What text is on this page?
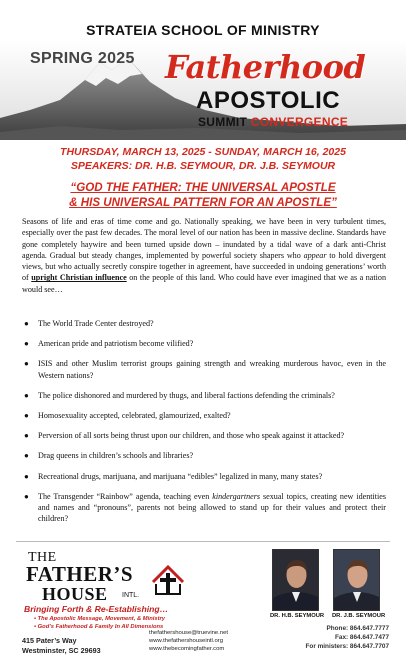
STRATEIA SCHOOL OF MINISTRY
SPRING 2025 Fatherhood
APOSTOLIC
SUMMIT CONVERGENCE
THURSDAY, MARCH 13, 2025 - SUNDAY, MARCH 16, 2025
SPEAKERS: DR. H.B. SEYMOUR, DR. J.B. SEYMOUR
“GOD THE FATHER: THE UNIVERSAL APOSTLE
& HIS UNIVERSAL PATTERN FOR AN APOSTLE”

Seasons of life and eras of time come and go. Nationally speaking, we have been in very turbulent times, especially over the past few decades. The moral level of our nation has been in massive decline. Standards have gone completely haywire and been turned upside down – inundated by a tidal wave of a dark anti-Christ agenda. Gradual but steady changes, implemented by powerful society shapers who appear to hold divergent views, but who actually secretly conspire together in agreement, have succeeded in undoing generations’ worth of upright Christian influence on the people of this land. Who could have ever imagined that we as a nation would see…

● The World Trade Center destroyed?
● American pride and patriotism become vilified?
● ISIS and other Muslim terrorist groups gaining strength and wreaking murderous havoc, even in the Western nations?
● The police dishonored and murdered by thugs, and liberal factions defending the criminals?
● Homosexuality accepted, celebrated, glamourized, exalted?
● Perversion of all sorts being thrust upon our children, and those who speak against it attacked?
● Drag queens in children’s schools and libraries?
● Recreational drugs, marijuana, and marijuana “edibles” legalized in many, many states?
● The Transgender “Rainbow” agenda, teaching even kindergartners sexual topics, creating new identities and names and “pronouns”, parents not being allowed to stand up for their values and protect their children?
THE
FATHER’S
HOUSE INTL.
Bringing Forth & Re-Establishing…
• The Apostolic Message, Movement, & Ministry
• God’s Fatherhood & Family In All Dimensions
DR. H.B. SEYMOUR DR. J.B. SEYMOUR
415 Pater’s Way
Westminster, SC 29693
thefathershouse@truevine.net
www.thefathershouseintl.org
www.thebecomingfather.com
Phone: 864.647.7777
Fax: 864.647.7477
For ministers: 864.647.7707
